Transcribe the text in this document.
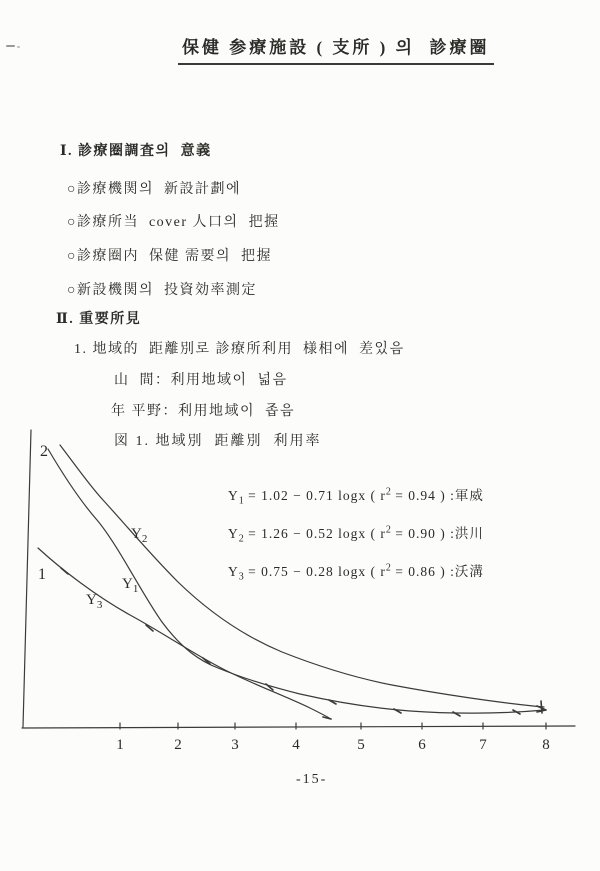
保健 参療施設 ( 支所 ) 의  診療圈
Ⅰ. 診療圈調査의  意義
○診療機関의  新設計劃에
○診療所当  cover 人口의  把握
○診療圈内  保健 需要의  把握
○新設機関의  投資効率測定
Ⅱ. 重要所見
1. 地域的  距離別로 診療所利用  様相에  差있음
山  間：利用地域이  넓음
年 平野：利用地域이  좁음
図 1. 地域別  距離別  利用率
$Y_1 = 1.02 - 0.71$ logx ( $r^2 = 0.94$ ) :軍威
$Y_2 = 1.26 - 0.52$ logx ( $r^2 = 0.90$ ) :洪川
$Y_3 = 0.75 - 0.28$ logx ( $r^2 = 0.86$ ) :沃溝
2
1
1	2	3	4	5	6	7	8
$Y_2$
$Y_1$
$Y_3$
-15-
